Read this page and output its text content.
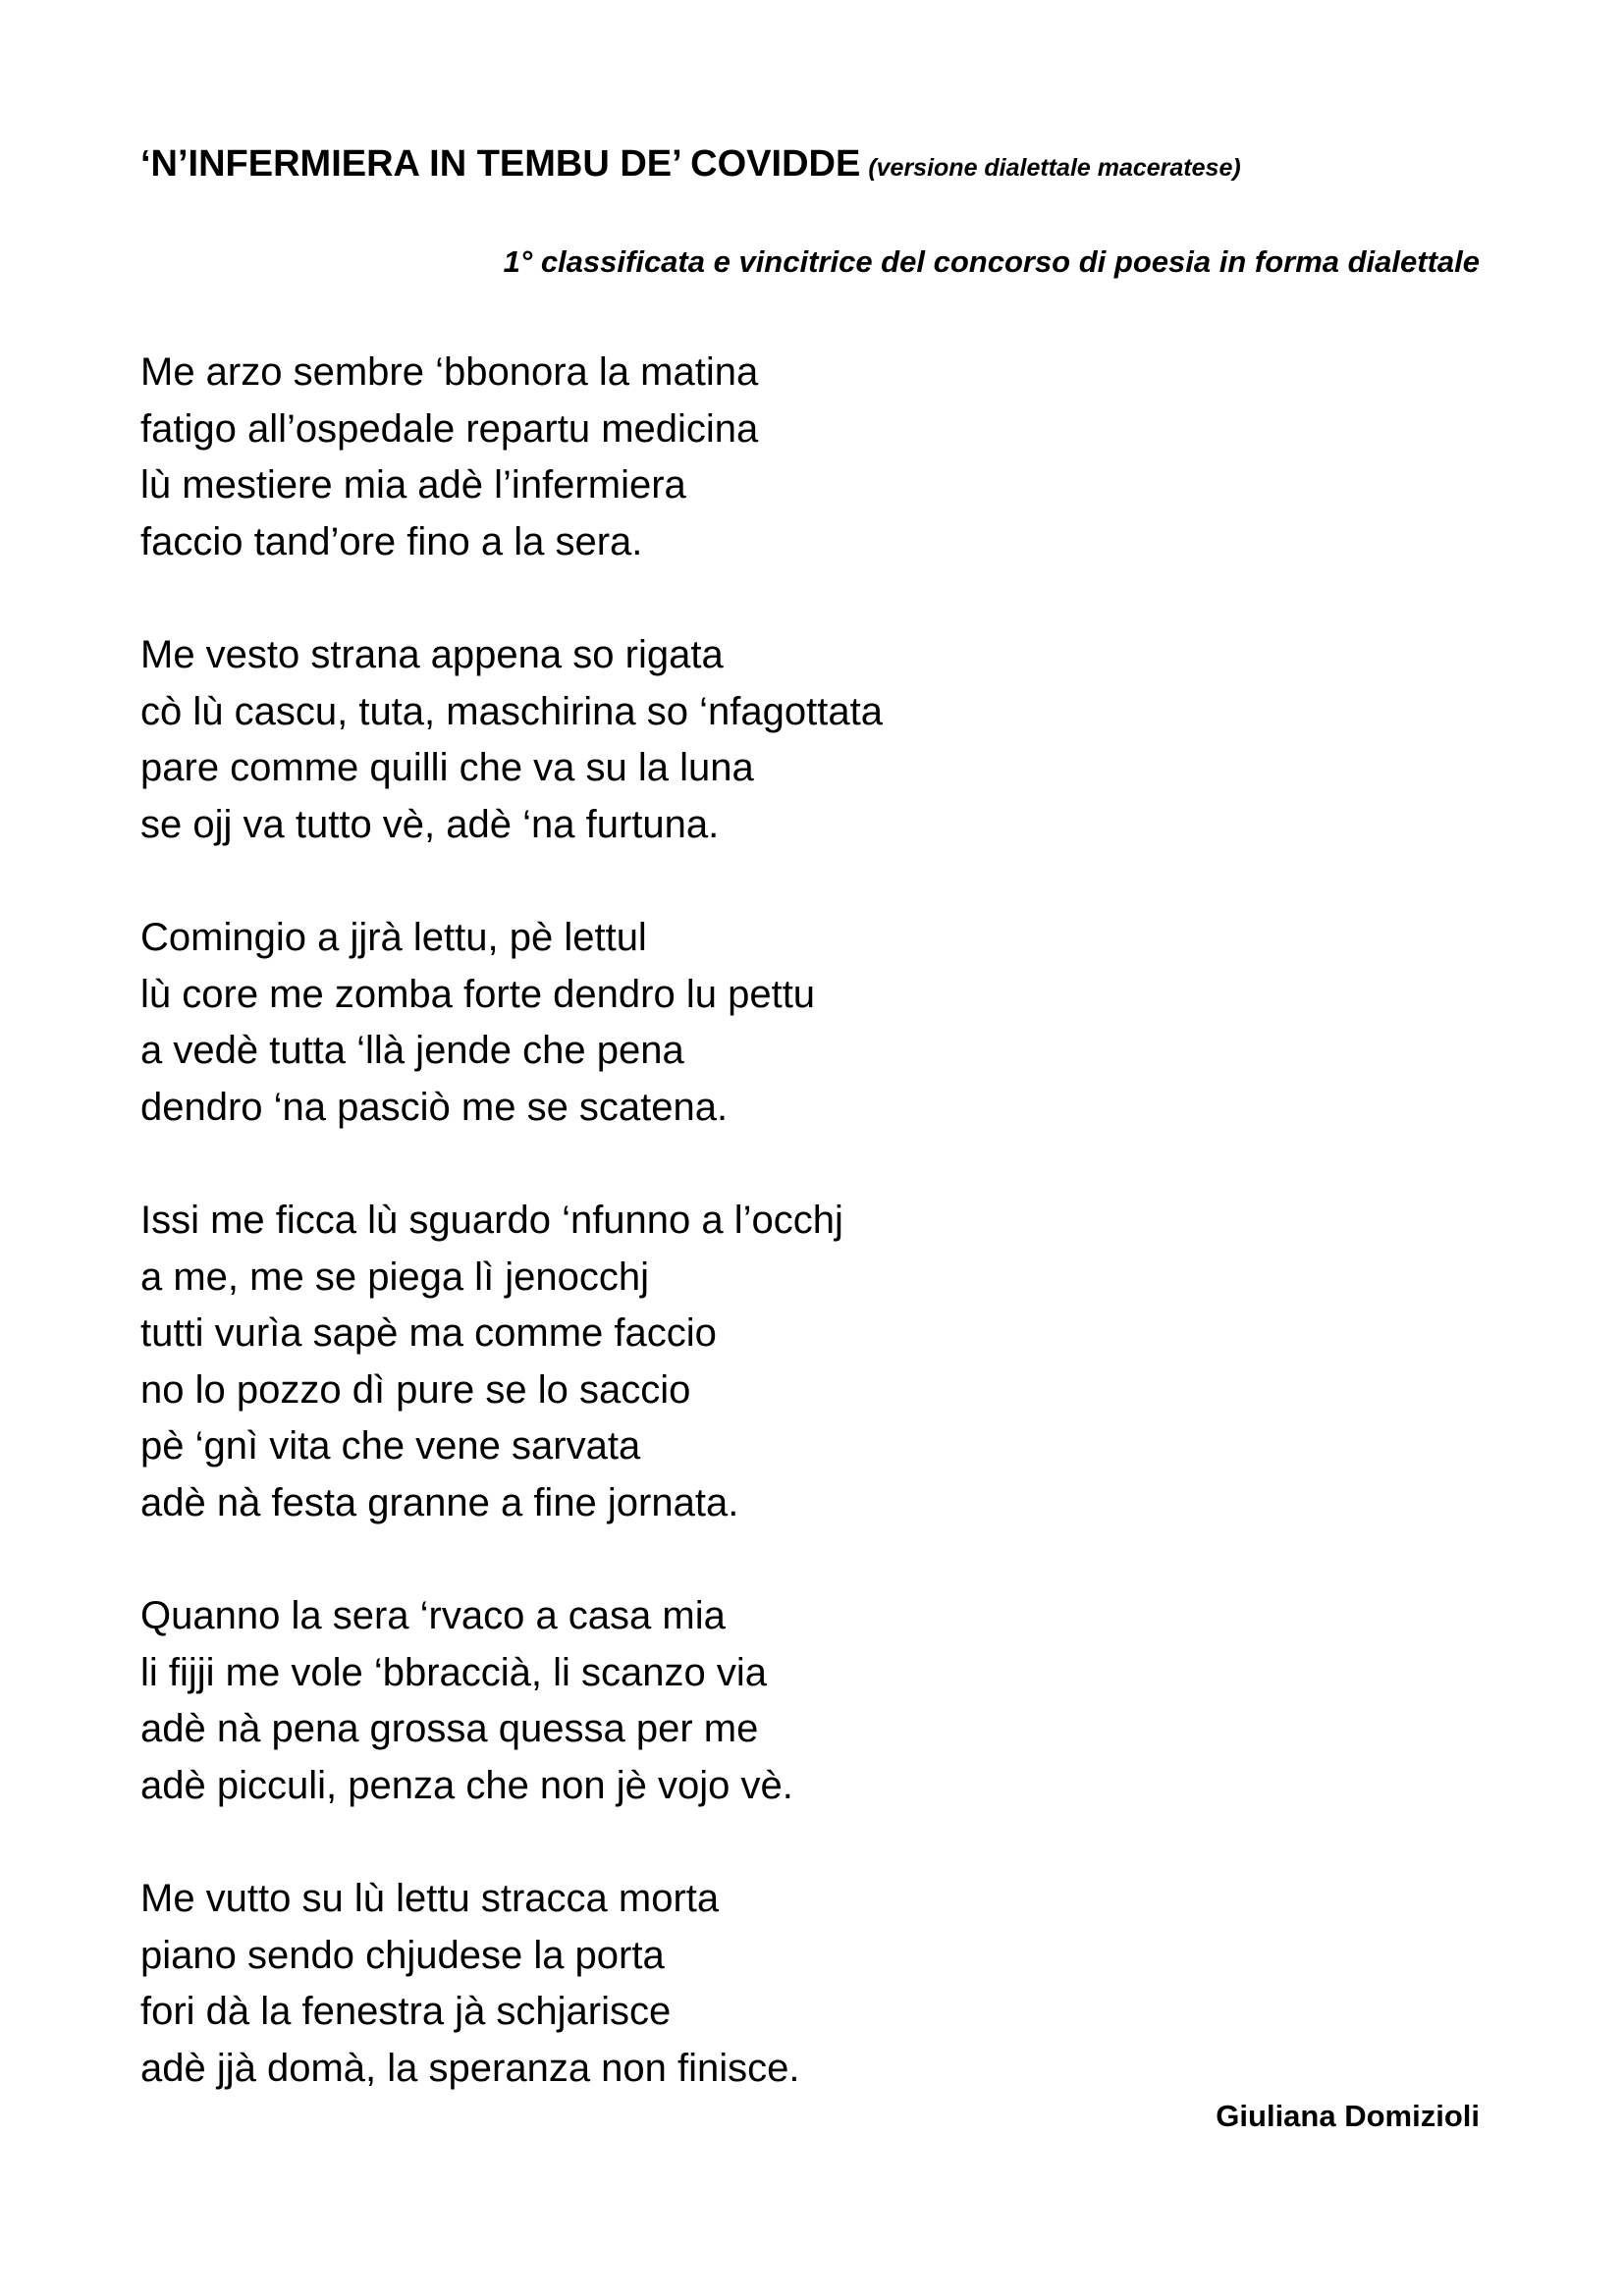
‘N’INFERMIERA IN TEMBU DE’ COVIDDE (versione dialettale maceratese)
1° classificata e vincitrice del concorso di poesia in forma dialettale
Me arzo sembre ‘bbonora la matina
fatigo all’ospedale repartu medicina
lù mestiere mia adè l’infermiera
faccio tand’ore fino a la sera.
Me vesto strana appena so rigata
cò lù cascu, tuta, maschirina so ‘nfagottata
pare comme quilli che va su la luna
se ojj va tutto vè, adè ‘na furtuna.
Comingio a jjrà lettu, pè lettul
lù core me zomba forte dendro lu pettu
a vedè tutta ‘llà jende che pena
dendro ‘na pasciò me se scatena.
Issi me ficca lù sguardo ‘nfunno a l’occhj
a me, me se piega lì jenocchj
tutti vurìa sapè ma comme faccio
no lo pozzo dì pure se lo saccio
pè ‘gnì vita che vene sarvata
adè nà festa granne a fine jornata.
Quanno la sera ‘rvaco a casa mia
li fijji me vole ‘bbraccià, li scanzo via
adè nà pena grossa quessa per me
adè picculi, penza che non jè vojo vè.
Me vutto su lù lettu stracca morta
piano sendo chjudese la porta
fori dà la fenestra jà schjarisce
adè jjà domà, la speranza non finisce.
Giuliana Domizioli
